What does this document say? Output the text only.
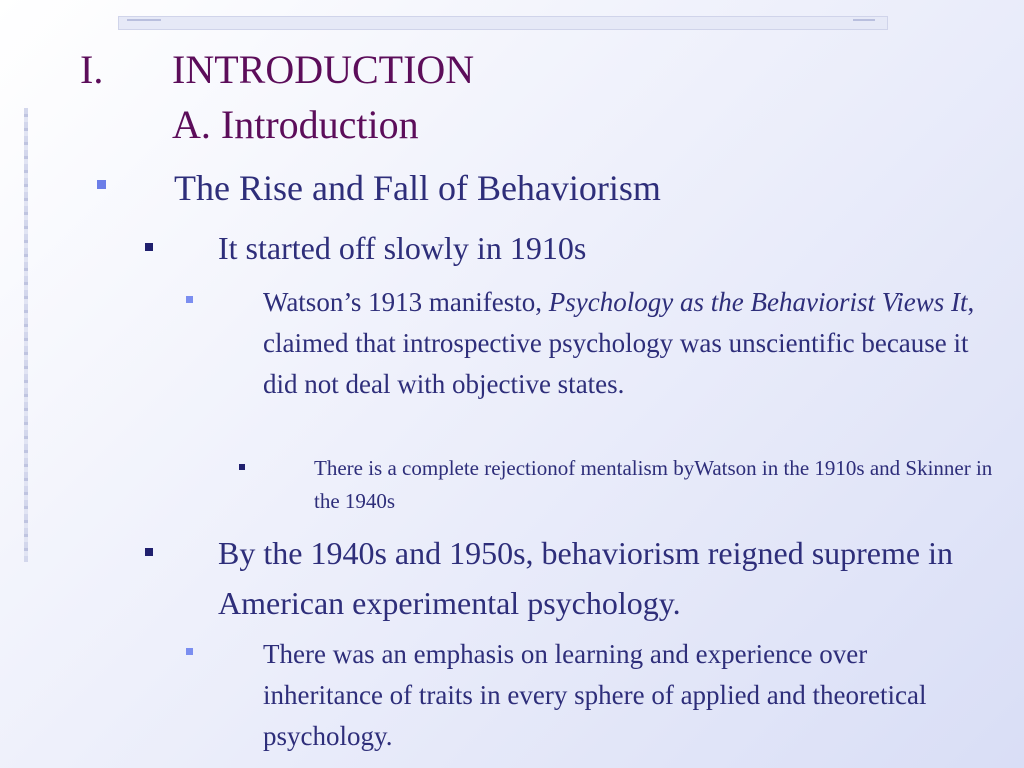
I. INTRODUCTION
A. Introduction
The Rise and Fall of Behaviorism
It started off slowly in 1910s
Watson’s 1913 manifesto, Psychology as the Behaviorist Views It, claimed that introspective psychology was unscientific because it did not deal with objective states.
There is a complete rejectionof mentalism byWatson in the 1910s and Skinner in the 1940s
By the 1940s and 1950s, behaviorism reigned supreme in American experimental psychology.
There was an emphasis on learning and experience over inheritance of traits in every sphere of applied and theoretical psychology.
